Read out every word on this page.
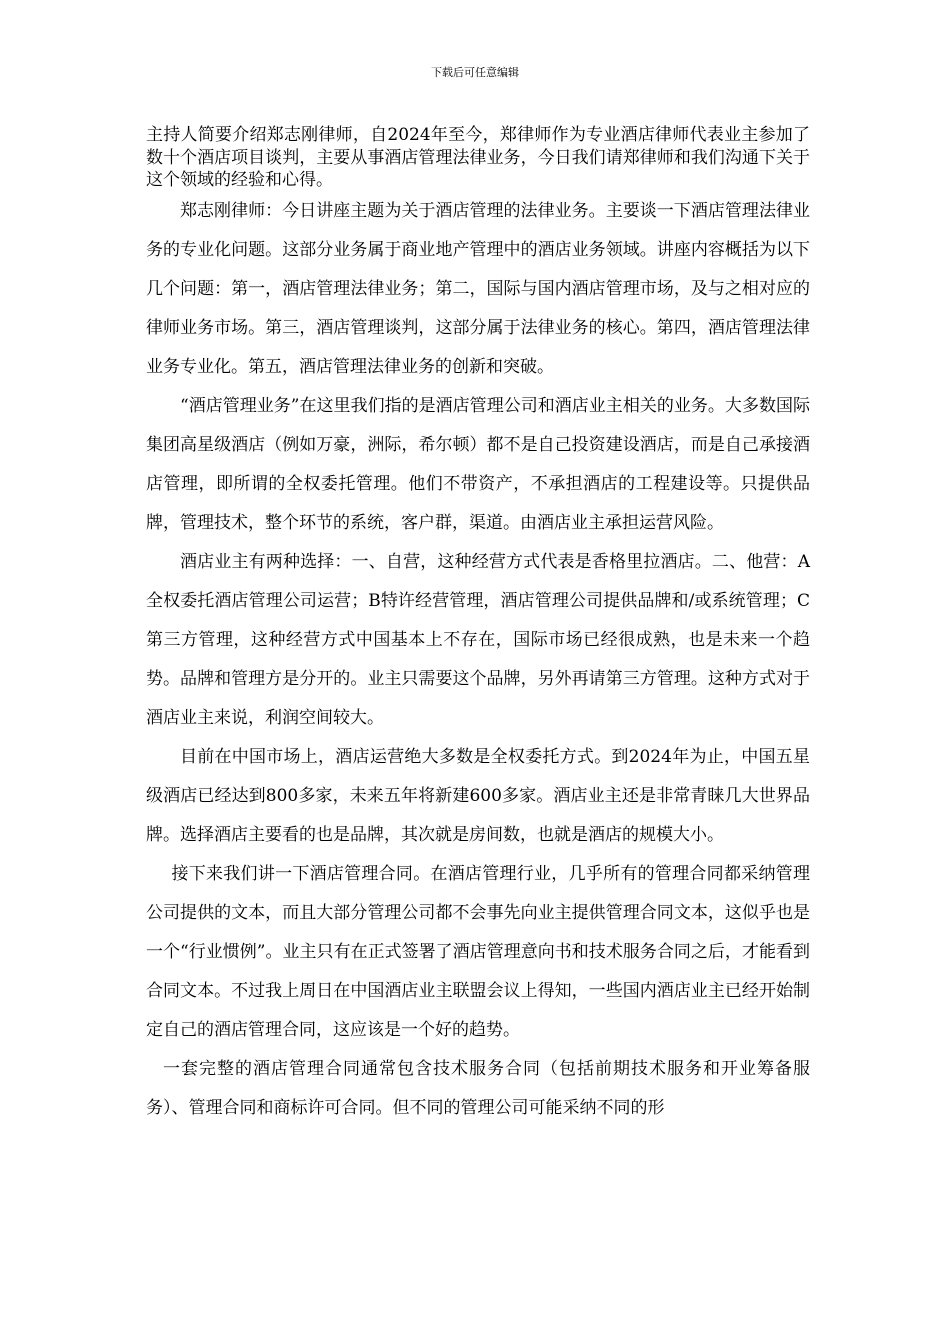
下载后可任意编辑

主持人简要介绍郑志刚律师，自2024年至今，郑律师作为专业酒店律师代表业主参加了数十个酒店项目谈判，主要从事酒店管理法律业务，今日我们请郑律师和我们沟通下关于这个领域的经验和心得。

郑志刚律师：今日讲座主题为关于酒店管理的法律业务。主要谈一下酒店管理法律业务的专业化问题。这部分业务属于商业地产管理中的酒店业务领域。讲座内容概括为以下几个问题：第一，酒店管理法律业务；第二，国际与国内酒店管理市场，及与之相对应的律师业务市场。第三，酒店管理谈判，这部分属于法律业务的核心。第四，酒店管理法律业务专业化。第五，酒店管理法律业务的创新和突破。

“酒店管理业务”在这里我们指的是酒店管理公司和酒店业主相关的业务。大多数国际集团高星级酒店（例如万豪，洲际，希尔顿）都不是自己投资建设酒店，而是自己承接酒店管理，即所谓的全权委托管理。他们不带资产，不承担酒店的工程建设等。只提供品牌，管理技术，整个环节的系统，客户群，渠道。由酒店业主承担运营风险。

酒店业主有两种选择：一、自营，这种经营方式代表是香格里拉酒店。二、他营：A全权委托酒店管理公司运营；B特许经营管理，酒店管理公司提供品牌和/或系统管理；C第三方管理，这种经营方式中国基本上不存在，国际市场已经很成熟，也是未来一个趋势。品牌和管理方是分开的。业主只需要这个品牌，另外再请第三方管理。这种方式对于酒店业主来说，利润空间较大。

目前在中国市场上，酒店运营绝大多数是全权委托方式。到2024年为止，中国五星级酒店已经达到800多家，未来五年将新建600多家。酒店业主还是非常青睐几大世界品牌。选择酒店主要看的也是品牌，其次就是房间数，也就是酒店的规模大小。

接下来我们讲一下酒店管理合同。在酒店管理行业，几乎所有的管理合同都采纳管理公司提供的文本，而且大部分管理公司都不会事先向业主提供管理合同文本，这似乎也是一个“行业惯例”。业主只有在正式签署了酒店管理意向书和技术服务合同之后，才能看到合同文本。不过我上周日在中国酒店业主联盟会议上得知，一些国内酒店业主已经开始制定自己的酒店管理合同，这应该是一个好的趋势。

一套完整的酒店管理合同通常包含技术服务合同（包括前期技术服务和开业筹备服务）、管理合同和商标许可合同。但不同的管理公司可能采纳不同的形
